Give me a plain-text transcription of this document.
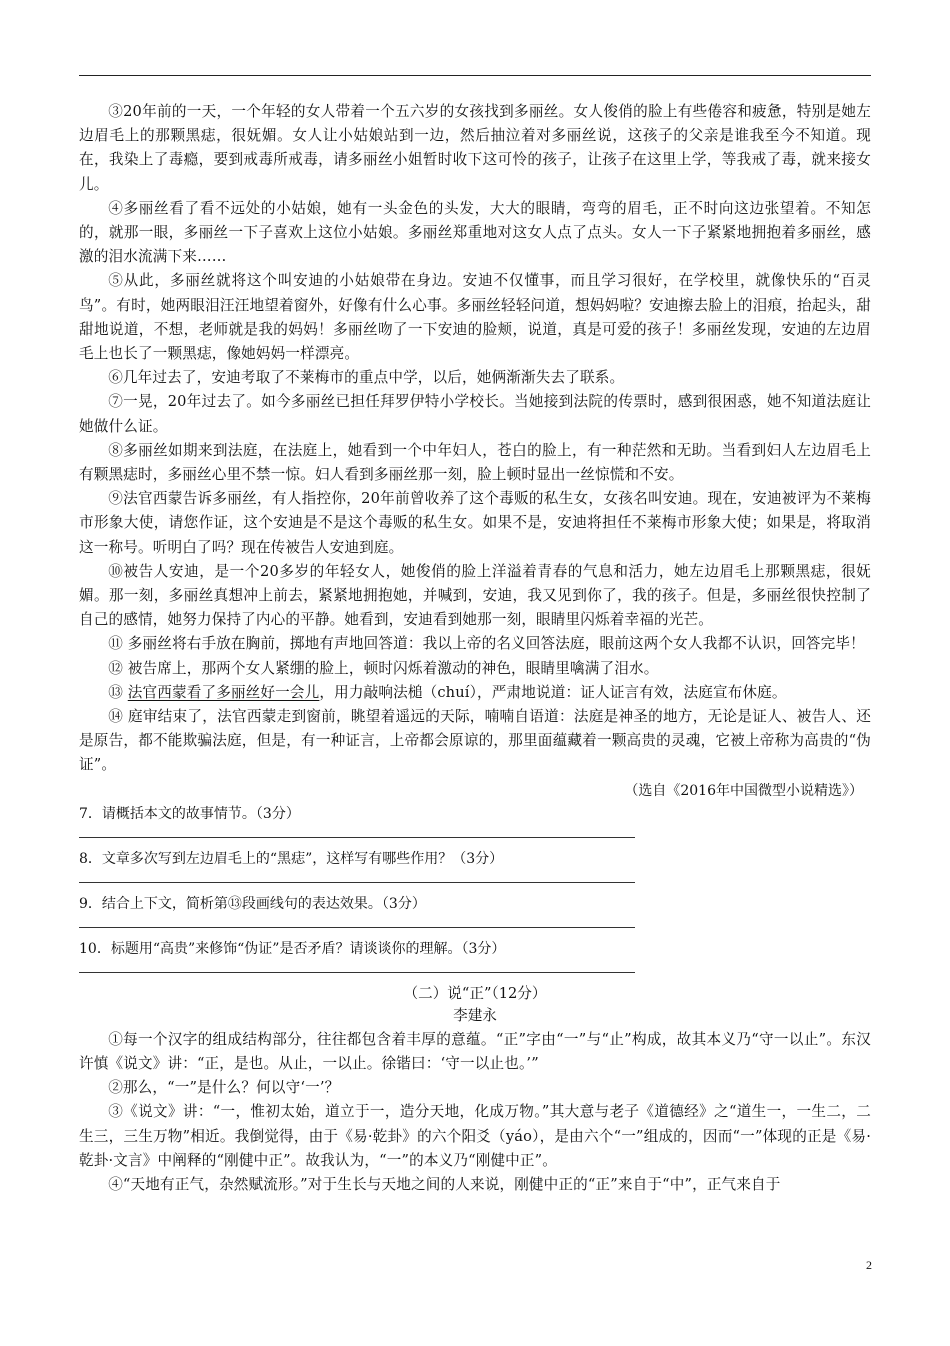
③20年前的一天，一个年轻的女人带着一个五六岁的女孩找到多丽丝。女人俊俏的脸上有些倦容和疲惫，特别是她左边眉毛上的那颗黑痣，很妩媚。女人让小姑娘站到一边，然后抽泣着对多丽丝说，这孩子的父亲是谁我至今不知道。现在，我染上了毒瘾，要到戒毒所戒毒，请多丽丝小姐暂时收下这可怜的孩子，让孩子在这里上学，等我戒了毒，就来接女儿。

④多丽丝看了看不远处的小姑娘，她有一头金色的头发，大大的眼睛，弯弯的眉毛，正不时向这边张望着。不知怎的，就那一眼，多丽丝一下子喜欢上这位小姑娘。多丽丝郑重地对这女人点了点头。女人一下子紧紧地拥抱着多丽丝，感激的泪水流满下来……

⑤从此，多丽丝就将这个叫安迪的小姑娘带在身边。安迪不仅懂事，而且学习很好，在学校里，就像快乐的“百灵鸟”。有时，她两眼泪汪汪地望着窗外，好像有什么心事。多丽丝轻轻问道，想妈妈啦？安迪擦去脸上的泪痕，抬起头，甜甜地说道，不想，老师就是我的妈妈！多丽丝吻了一下安迪的脸颊，说道，真是可爱的孩子！多丽丝发现，安迪的左边眉毛上也长了一颗黑痣，像她妈妈一样漂亮。

⑥几年过去了，安迪考取了不莱梅市的重点中学，以后，她俩渐渐失去了联系。

⑦一晃，20年过去了。如今多丽丝已担任拜罗伊特小学校长。当她接到法院的传票时，感到很困惑，她不知道法庭让她做什么证。

⑧多丽丝如期来到法庭，在法庭上，她看到一个中年妇人，苍白的脸上，有一种茫然和无助。当看到妇人左边眉毛上有颗黑痣时，多丽丝心里不禁一惊。妇人看到多丽丝那一刻，脸上顿时显出一丝惊慌和不安。

⑨法官西蒙告诉多丽丝，有人指控你，20年前曾收养了这个毒贩的私生女，女孩名叫安迪。现在，安迪被评为不莱梅市形象大使，请您作证，这个安迪是不是这个毒贩的私生女。如果不是，安迪将担任不莱梅市形象大使；如果是，将取消这一称号。听明白了吗？现在传被告人安迪到庭。

⑩被告人安迪，是一个20多岁的年轻女人，她俊俏的脸上洋溢着青春的气息和活力，她左边眉毛上那颗黑痣，很妩媚。那一刻，多丽丝真想冲上前去，紧紧地拥抱她，并喊到，安迪，我又见到你了，我的孩子。但是，多丽丝很快控制了自己的感情，她努力保持了内心的平静。她看到，安迪看到她那一刻，眼睛里闪烁着幸福的光芒。

⑪ 多丽丝将右手放在胸前，掷地有声地回答道：我以上帝的名义回答法庭，眼前这两个女人我都不认识，回答完毕！

⑫ 被告席上，那两个女人紧绷的脸上，顿时闪烁着激动的神色，眼睛里噙满了泪水。

⑬ 法官西蒙看了多丽丝好一会儿，用力敲响法槌（chuí），严肃地说道：证人证言有效，法庭宣布休庭。

⑭ 庭审结束了，法官西蒙走到窗前，眺望着遥远的天际，喃喃自语道：法庭是神圣的地方，无论是证人、被告人、还是原告，都不能欺骗法庭，但是，有一种证言，上帝都会原谅的，那里面蕴藏着一颗高贵的灵魂，它被上帝称为高贵的“伪证”。

（选自《2016年中国微型小说精选》）

7．请概括本文的故事情节。（3分）

8．文章多次写到左边眉毛上的“黑痣”，这样写有哪些作用？（3分）

9．结合上下文，简析第⑬段画线句的表达效果。（3分）

10．标题用“高贵”来修饰“伪证”是否矛盾？请谈谈你的理解。（3分）

（二）说“正”（12分）

李建永

①每一个汉字的组成结构部分，往往都包含着丰厚的意蕴。“正”字由“一”与“止”构成，故其本义乃“守一以止”。东汉许慎《说文》讲：“正，是也。从止，一以止。徐锴曰：‘守一以止也。’”

②那么，“一”是什么？何以守‘一’？

③《说文》讲：“一，惟初太始，道立于一，造分天地，化成万物。”其大意与老子《道德经》之“道生一，一生二，二生三，三生万物”相近。我倒觉得，由于《易·乾卦》的六个阳爻（yáo），是由六个“一”组成的，因而“一”体现的正是《易·乾卦·文言》中阐释的“刚健中正”。故我认为，“一”的本义乃“刚健中正”。

④“天地有正气，杂然赋流形。”对于生长与天地之间的人来说，刚健中正的“正”来自于“中”，正气来自于

2
